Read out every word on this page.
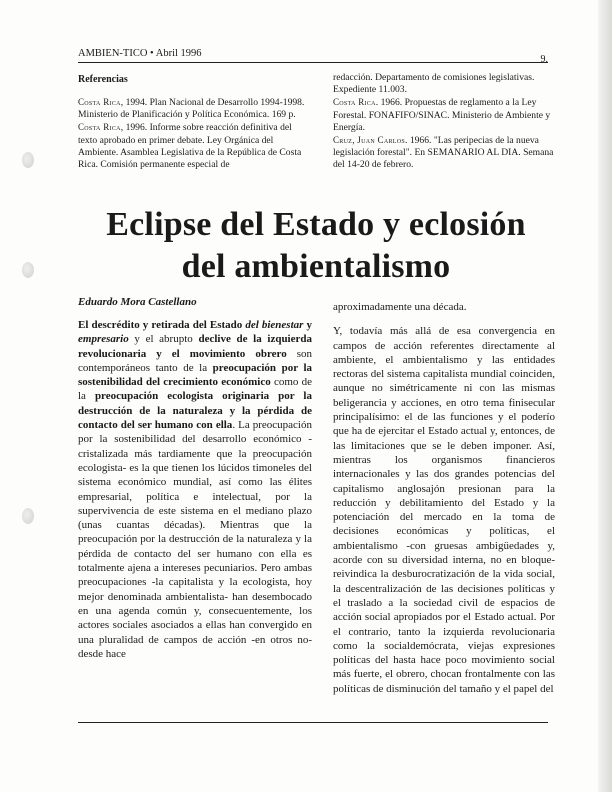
AMBIEN-TICO • Abril 1996
9.
Referencias

Costa Rica, 1994. Plan Nacional de Desarrollo 1994-1998. Ministerio de Planificación y Política Económica. 169 p.

Costa Rica, 1996. Informe sobre reacción definitiva del texto aprobado en primer debate. Ley Orgánica del Ambiente. Asamblea Legislativa de la República de Costa Rica. Comisión permanente especial de

redacción. Departamento de comisiones legislativas. Expediente 11.003.

Costa Rica. 1966. Propuestas de reglamento a la Ley Forestal. FONAFIFO/SINAC. Ministerio de Ambiente y Energía.

Cruz, Juan Carlos. 1966. "Las peripecias de la nueva legislación forestal". En SEMANARIO AL DIA. Semana del 14-20 de febrero.

Eclipse del Estado y eclosión
del ambientalismo
Eduardo Mora Castellano

El descrédito y retirada del Estado del bienestar y empresario y el abrupto declive de la izquierda revolucionaria y el movimiento obrero son contemporáneos tanto de la preocupación por la sostenibilidad del crecimiento económico como de la preocupación ecologista originaria por la destrucción de la naturaleza y la pérdida de contacto del ser humano con ella. La preocupación por la sostenibilidad del desarrollo económico -cristalizada más tardiamente que la preocupación ecologista- es la que tienen los lúcidos timoneles del sistema económico mundial, así como las élites empresarial, política e intelectual, por la supervivencia de este sistema en el mediano plazo (unas cuantas décadas). Mientras que la preocupación por la destrucción de la naturaleza y la pérdida de contacto del ser humano con ella es totalmente ajena a intereses pecuniarios. Pero ambas preocupaciones -la capitalista y la ecologista, hoy mejor denominada ambientalista- han desembocado en una agenda común y, consecuentemente, los actores sociales asociados a ellas han convergido en una pluralidad de campos de acción -en otros no- desde hace

aproximadamente una década.

Y, todavía más allá de esa convergencia en campos de acción referentes directamente al ambiente, el ambientalismo y las entidades rectoras del sistema capitalista mundial coinciden, aunque no simétricamente ni con las mismas beligerancia y acciones, en otro tema finisecular principalísimo: el de las funciones y el poderío que ha de ejercitar el Estado actual y, entonces, de las limitaciones que se le deben imponer. Así, mientras los organismos financieros internacionales y las dos grandes potencias del capitalismo anglosajón presionan para la reducción y debilitamiento del Estado y la potenciación del mercado en la toma de decisiones económicas y políticas, el ambientalismo -con gruesas ambigüedades y, acorde con su diversidad interna, no en bloque- reivindica la desburocratización de la vida social, la descentralización de las decisiones políticas y el traslado a la sociedad civil de espacios de acción social apropiados por el Estado actual. Por el contrario, tanto la izquierda revolucionaria como la socialdemócrata, viejas expresiones políticas del hasta hace poco movimiento social más fuerte, el obrero, chocan frontalmente con las políticas de disminución del tamaño y el papel del
